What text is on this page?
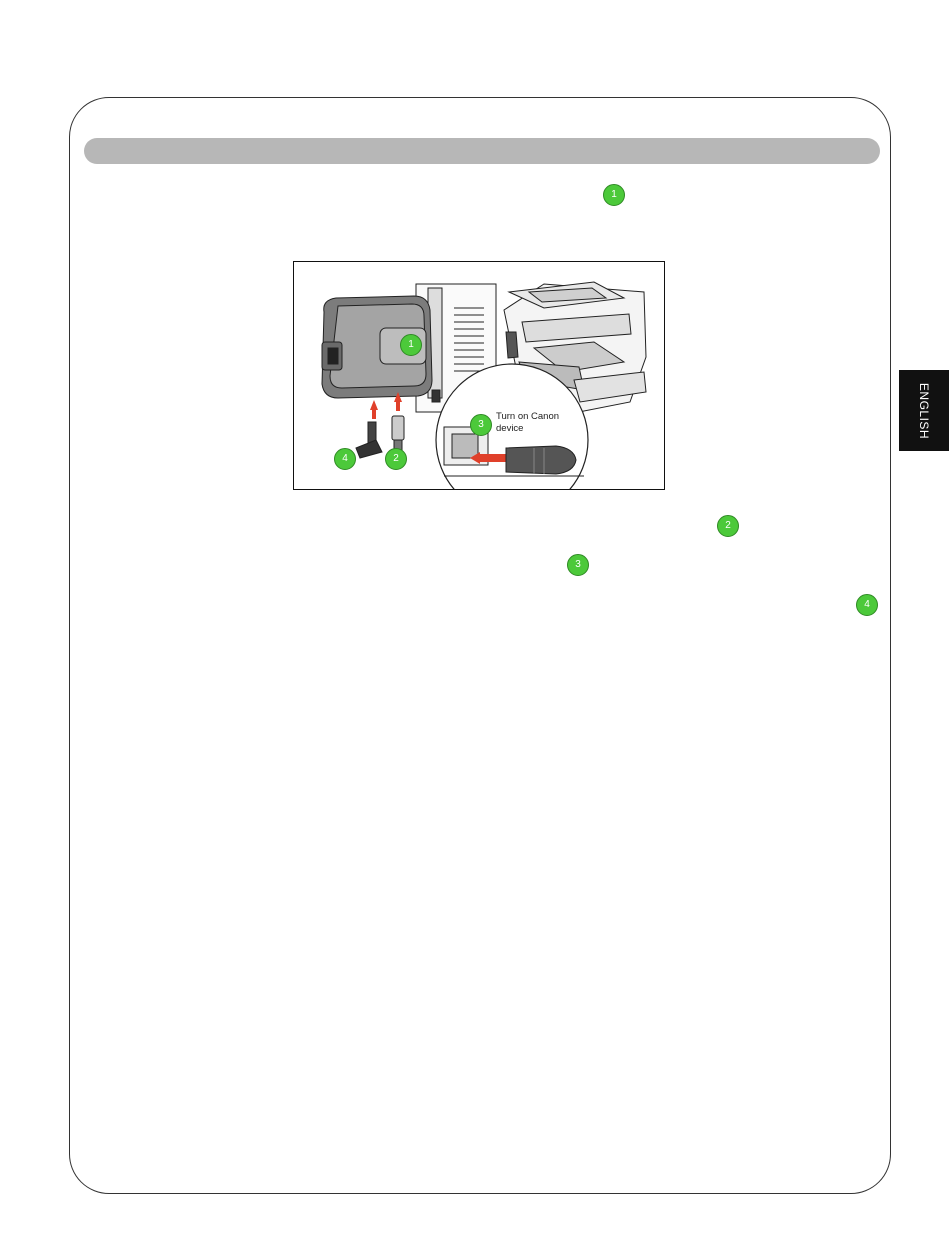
1
Turn on Canon
device
1
3
4	2
2
3
4
ENGLISH
